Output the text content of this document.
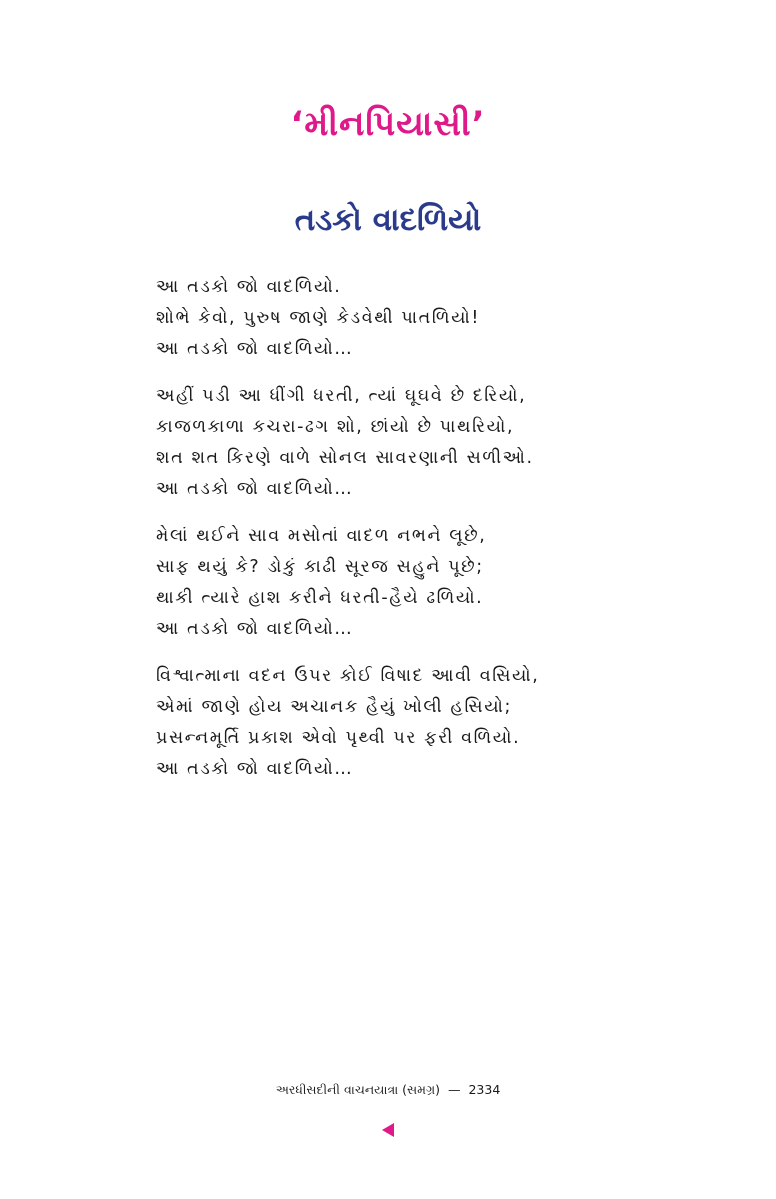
‘મીનપિયાસી’
તડકો વાદળિયો
આ તડકો જો વાદળિયો.
શોભે કેવો, પુરુષ જાણે કેડવેથી પાતળિયો!
આ તડકો જો વાદળિયો…
અહીં પડી આ ધીંગી ધરતી, ત્યાં ઘૂઘવે છે દરિયો,
કાજળકાળા કચરા-ઢગ શો, છાંયો છે પાથરિયો,
શત શત કિરણે વાળે સોનલ સાવરણાની સળીઓ.
આ તડકો જો વાદળિયો…
મેલાં થઈને સાવ મસોતાં વાદળ નભને લૂછે,
સાફ થયું કે? ડોકું કાઢી સૂરજ સહુને પૂછે;
થાકી ત્યારે હાશ કરીને ધરતી-હૈયે ઢળિયો.
આ તડકો જો વાદળિયો…
વિશ્વાત્માના વદન ઉપર કોઈ વિષાદ આવી વસિયો,
એમાં જાણે હોય અચાનક હૈયું ખોલી હસિયો;
પ્રસન્નમૂર્તિ પ્રકાશ એવો પૃથ્વી પર ફરી વળિયો.
આ તડકો જો વાદળિયો…
અરધીસદીની વાચનયાત્રા (સમગ્ર) — 2334
